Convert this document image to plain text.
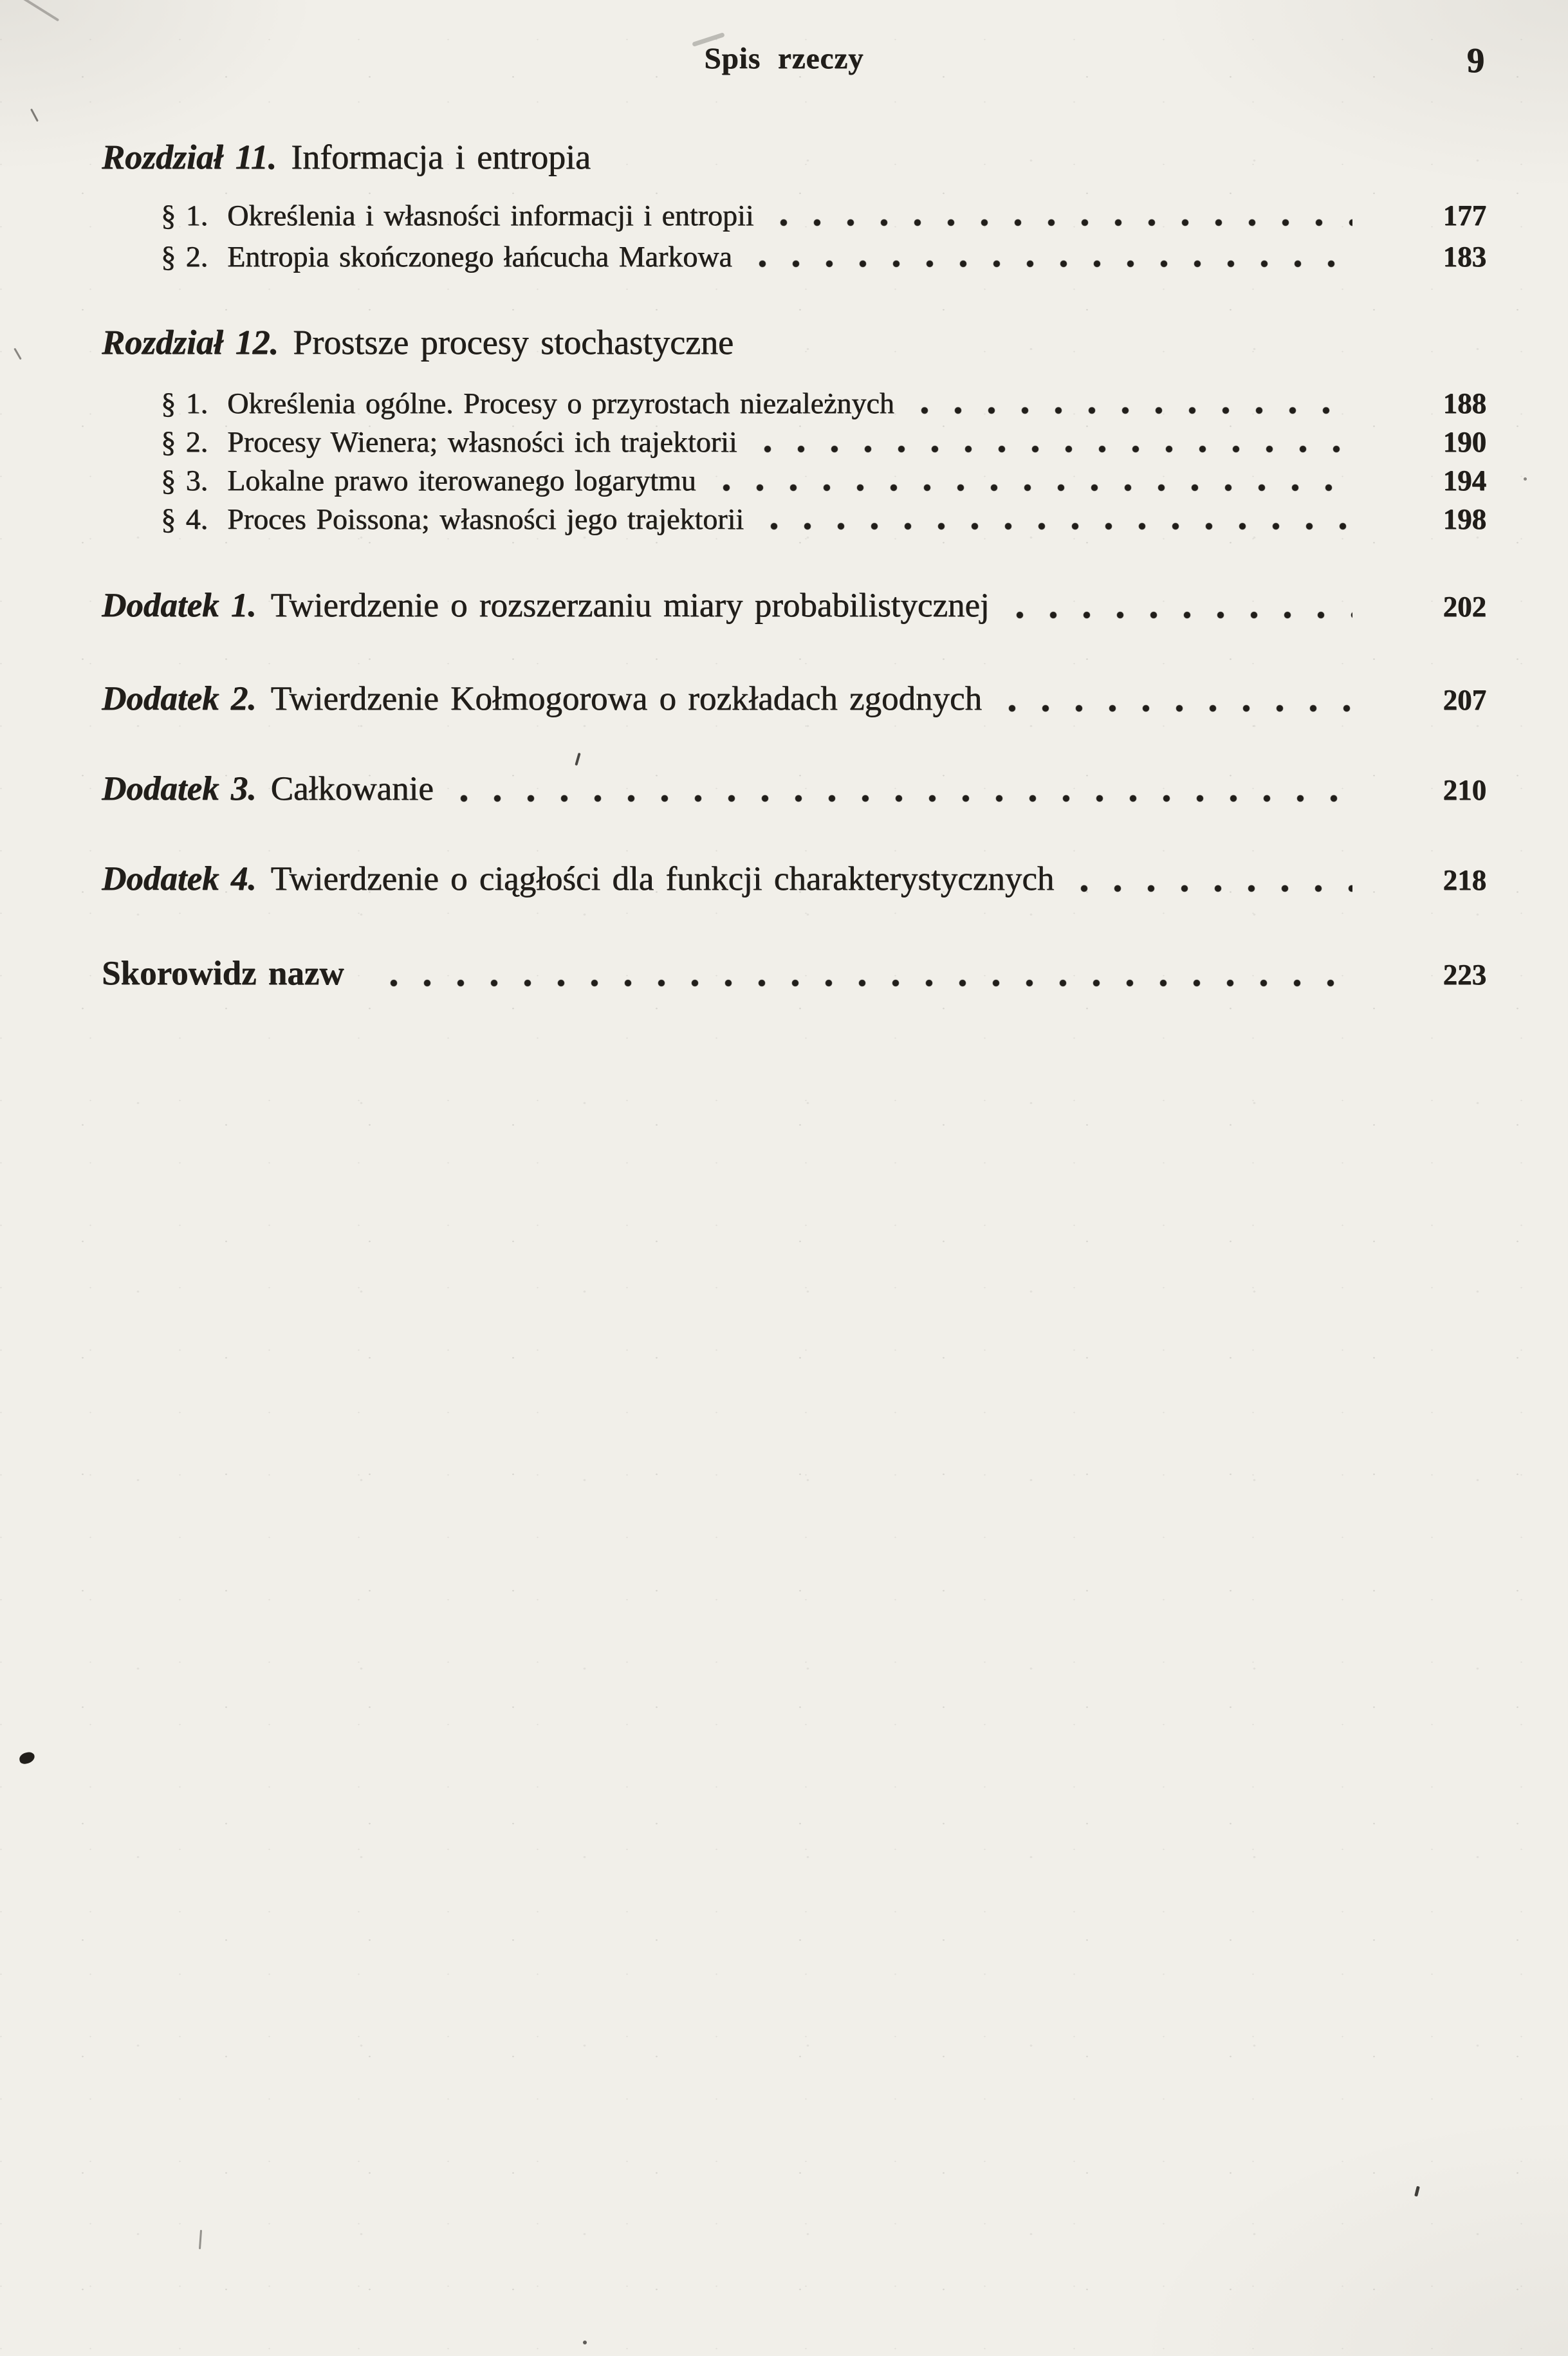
Spis rzeczy	9
Rozdział 11. Informacja i entropia
§ 1. Określenia i własności informacji i entropii	177
§ 2. Entropia skończonego łańcucha Markowa	183
Rozdział 12. Prostsze procesy stochastyczne
§ 1. Określenia ogólne. Procesy o przyrostach niezależnych	188
§ 2. Procesy Wienera; własności ich trajektorii	190
§ 3. Lokalne prawo iterowanego logarytmu	194
§ 4. Proces Poissona; własności jego trajektorii	198
Dodatek 1. Twierdzenie o rozszerzaniu miary probabilistycznej	202
Dodatek 2. Twierdzenie Kołmogorowa o rozkładach zgodnych	207
Dodatek 3. Całkowanie	210
Dodatek 4. Twierdzenie o ciągłości dla funkcji charakterystycznych	218
Skorowidz nazw	223
